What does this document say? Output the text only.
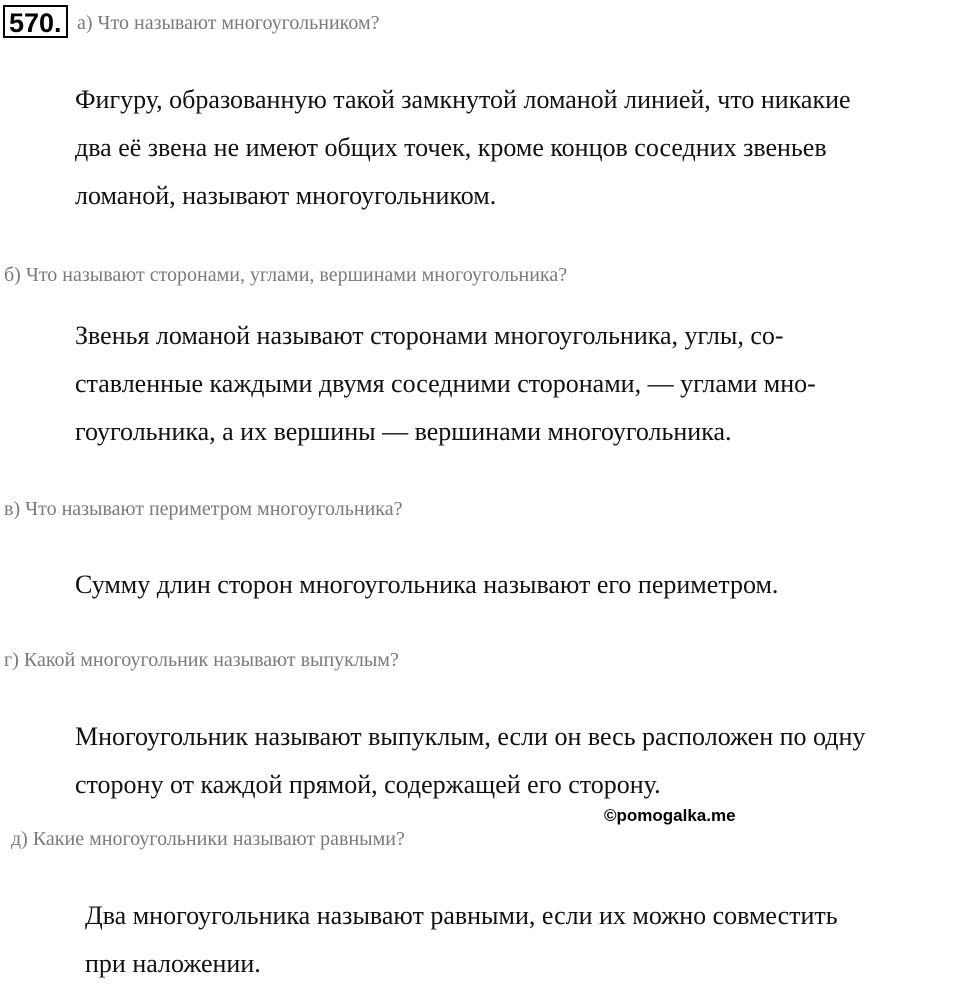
570. а) Что называют многоугольником?
Фигуру, образованную такой замкнутой ломаной линией, что никакие
два её звена не имеют общих точек, кроме концов соседних звеньев
ломаной, называют многоугольником.
б) Что называют сторонами, углами, вершинами многоугольника?
Звенья ломаной называют сторонами многоугольника, углы, со-
ставленные каждыми двумя соседними сторонами, — углами мно-
гоугольника, а их вершины — вершинами многоугольника.
в) Что называют периметром многоугольника?
Сумму длин сторон многоугольника называют его периметром.
г) Какой многоугольник называют выпуклым?
Многоугольник называют выпуклым, если он весь расположен по одну
сторону от каждой прямой, содержащей его сторону.
©pomogalka.me
д) Какие многоугольники называют равными?
Два многоугольника называют равными, если их можно совместить
при наложении.
